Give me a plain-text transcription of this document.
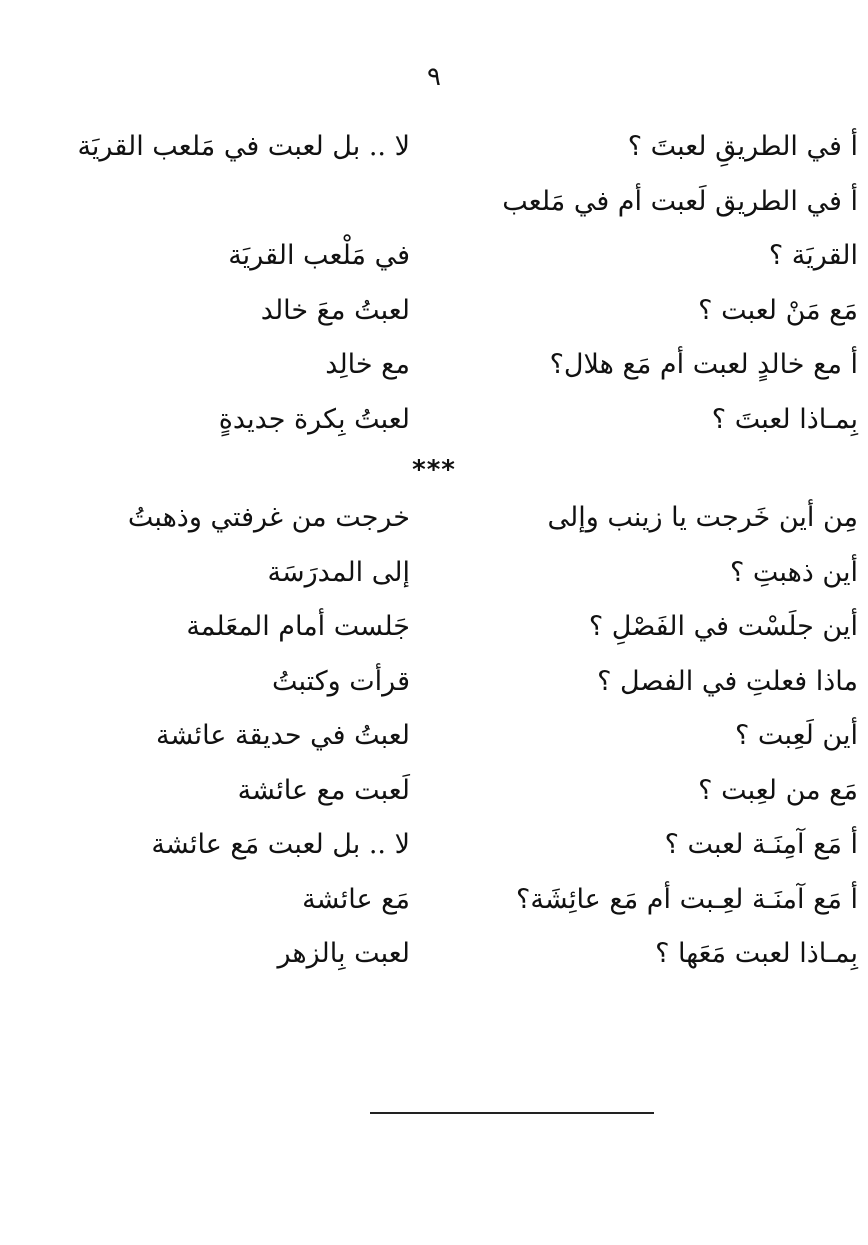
٩
أ في الطريقِ لعبتَ ؟
لا .. بل لعبت في مَلعب القريَة
أ في الطريق لَعبت أم في مَلعب
القريَة ؟
في مَلْعب القريَة
مَع مَنْ لعبت ؟
لعبتُ معَ خالد
أ مع خالدٍ لعبت أم مَع هلال؟
مع خالِد
بِمـاذا لعبتَ ؟
لعبتُ بِكرة جديدةٍ
***
مِن أين خَرجت يا زينب وإلى
خرجت من غرفتي وذهبتُ
أين ذهبتِ ؟
إلى المدرَسَة
أين جلَسْت في الفَصْلِ ؟
جَلست أمام المعَلمة
ماذا فعلتِ في الفصل ؟
قرأت وكتبتُ
أين لَعِبت ؟
لعبتُ في حديقة عائشة
مَع من لعِبت ؟
لَعبت مع عائشة
أ مَع آمِنَـة لعبت ؟
لا .. بل لعبت مَع عائشة
أ مَع آمنَـة لعِـبت أم مَع عائِشَة؟
مَع عائشة
بِمـاذا لعبت مَعَها ؟
لعبت بِالزهر
